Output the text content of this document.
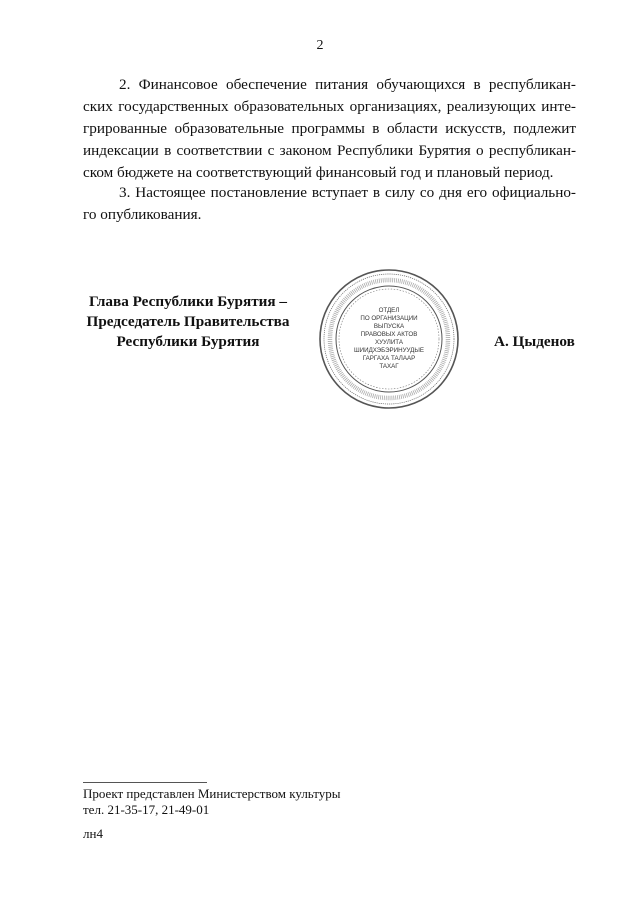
2
2. Финансовое обеспечение питания обучающихся в республикан-
ских государственных образовательных организациях, реализующих инте-
грированные образовательные программы в области искусств, подлежит
индексации в соответствии с законом Республики Бурятия о республикан-
ском бюджете на соответствующий финансовый год и плановый период.
3. Настоящее постановление вступает в силу со дня его официально-
го опубликования.
Глава Республики Бурятия –
Председатель Правительства
Республики Бурятия
ОТДЕЛ
ПО ОРГАНИЗАЦИИ
ВЫПУСКА
ПРАВОВЫХ АКТОВ
ХУУЛИТА
ШИИДХЭБЭРИНУУДЫЕ
ГАРГАХА ТАЛААР
ТАХАГ
А. Цыденов
Проект представлен Министерством культуры
тел. 21-35-17, 21-49-01
лн4
